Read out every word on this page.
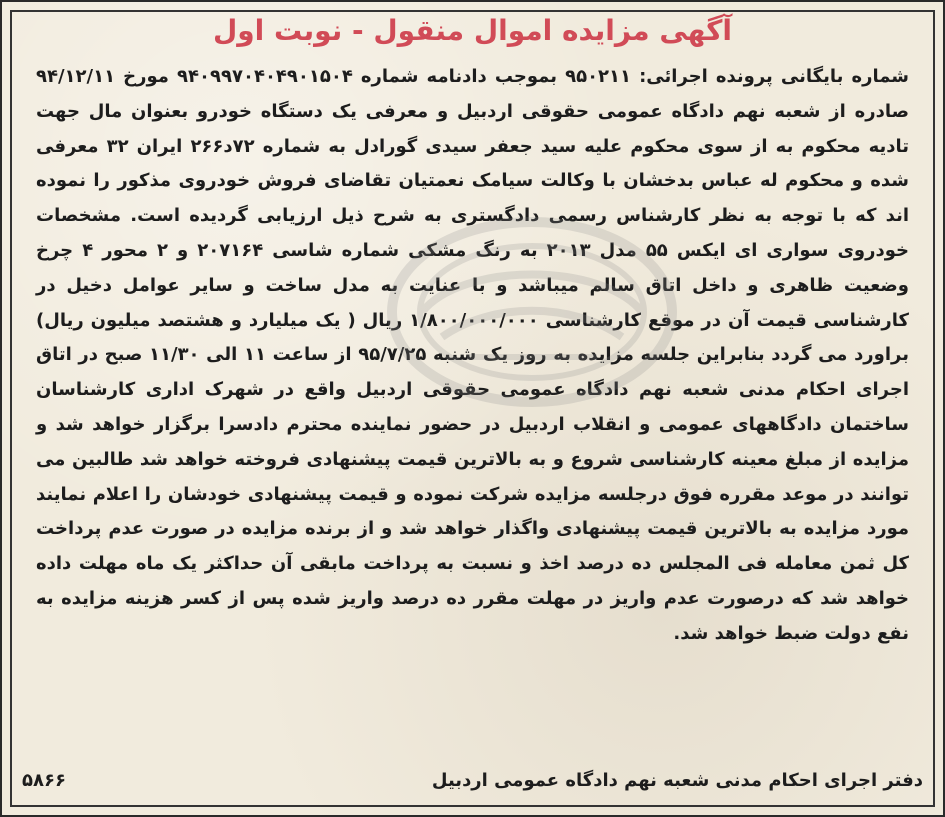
آگهی مزایده اموال منقول - نوبت اول
شماره بایگانی پرونده اجرائی: ۹۵۰۲۱۱ بموجب دادنامه شماره ۹۴۰۹۹۷۰۴۰۴۹۰۱۵۰۴ مورخ ۹۴/۱۲/۱۱ صادره از شعبه نهم دادگاه عمومی حقوقی اردبیل و معرفی یک دستگاه خودرو بعنوان مال جهت تادیه محکوم به از سوی محکوم علیه سید جعفر سیدی گورادل به شماره ۷۲د۲۶۶ ایران ۳۲ معرفی شده و محکوم له عباس بدخشان با وکالت سیامک نعمتیان تقاضای فروش خودروی مذکور را نموده اند که با توجه به نظر کارشناس رسمی دادگستری به شرح ذیل ارزیابی گردیده است. مشخصات خودروی سواری ای ایکس ۵۵ مدل ۲۰۱۳ به رنگ مشکی شماره شاسی ۲۰۷۱۶۴ و ۲ محور ۴ چرخ وضعیت ظاهری و داخل اتاق سالم میباشد و با عنایت به مدل ساخت و سایر عوامل دخیل در کارشناسی قیمت آن در موقع کارشناسی ۱/۸۰۰/۰۰۰/۰۰۰ ریال ( یک میلیارد و هشتصد میلیون ریال) براورد می گردد بنابراین جلسه مزایده به روز یک شنبه ۹۵/۷/۲۵ از ساعت ۱۱ الی ۱۱/۳۰ صبح در اتاق اجرای احکام مدنی شعبه نهم دادگاه عمومی حقوقی اردبیل واقع در شهرک اداری کارشناسان ساختمان دادگاههای عمومی و انقلاب اردبیل در حضور نماینده محترم دادسرا برگزار خواهد شد و مزایده از مبلغ معینه کارشناسی شروع و به بالاترین قیمت پیشنهادی فروخته خواهد شد طالبین می توانند در موعد مقرره فوق درجلسه مزایده شرکت نموده و قیمت پیشنهادی خودشان را اعلام نمایند مورد مزایده به بالاترین قیمت پیشنهادی واگذار خواهد شد و از برنده مزایده در صورت عدم پرداخت کل ثمن معامله فی المجلس ده درصد اخذ و نسبت به پرداخت مابقی آن حداکثر یک ماه مهلت داده خواهد شد که درصورت عدم واریز در مهلت مقرر ده درصد واریز شده پس از کسر هزینه مزایده به نفع دولت ضبط خواهد شد.
دفتر اجرای احکام مدنی شعبه نهم دادگاه عمومی اردبیل
۵۸۶۶
